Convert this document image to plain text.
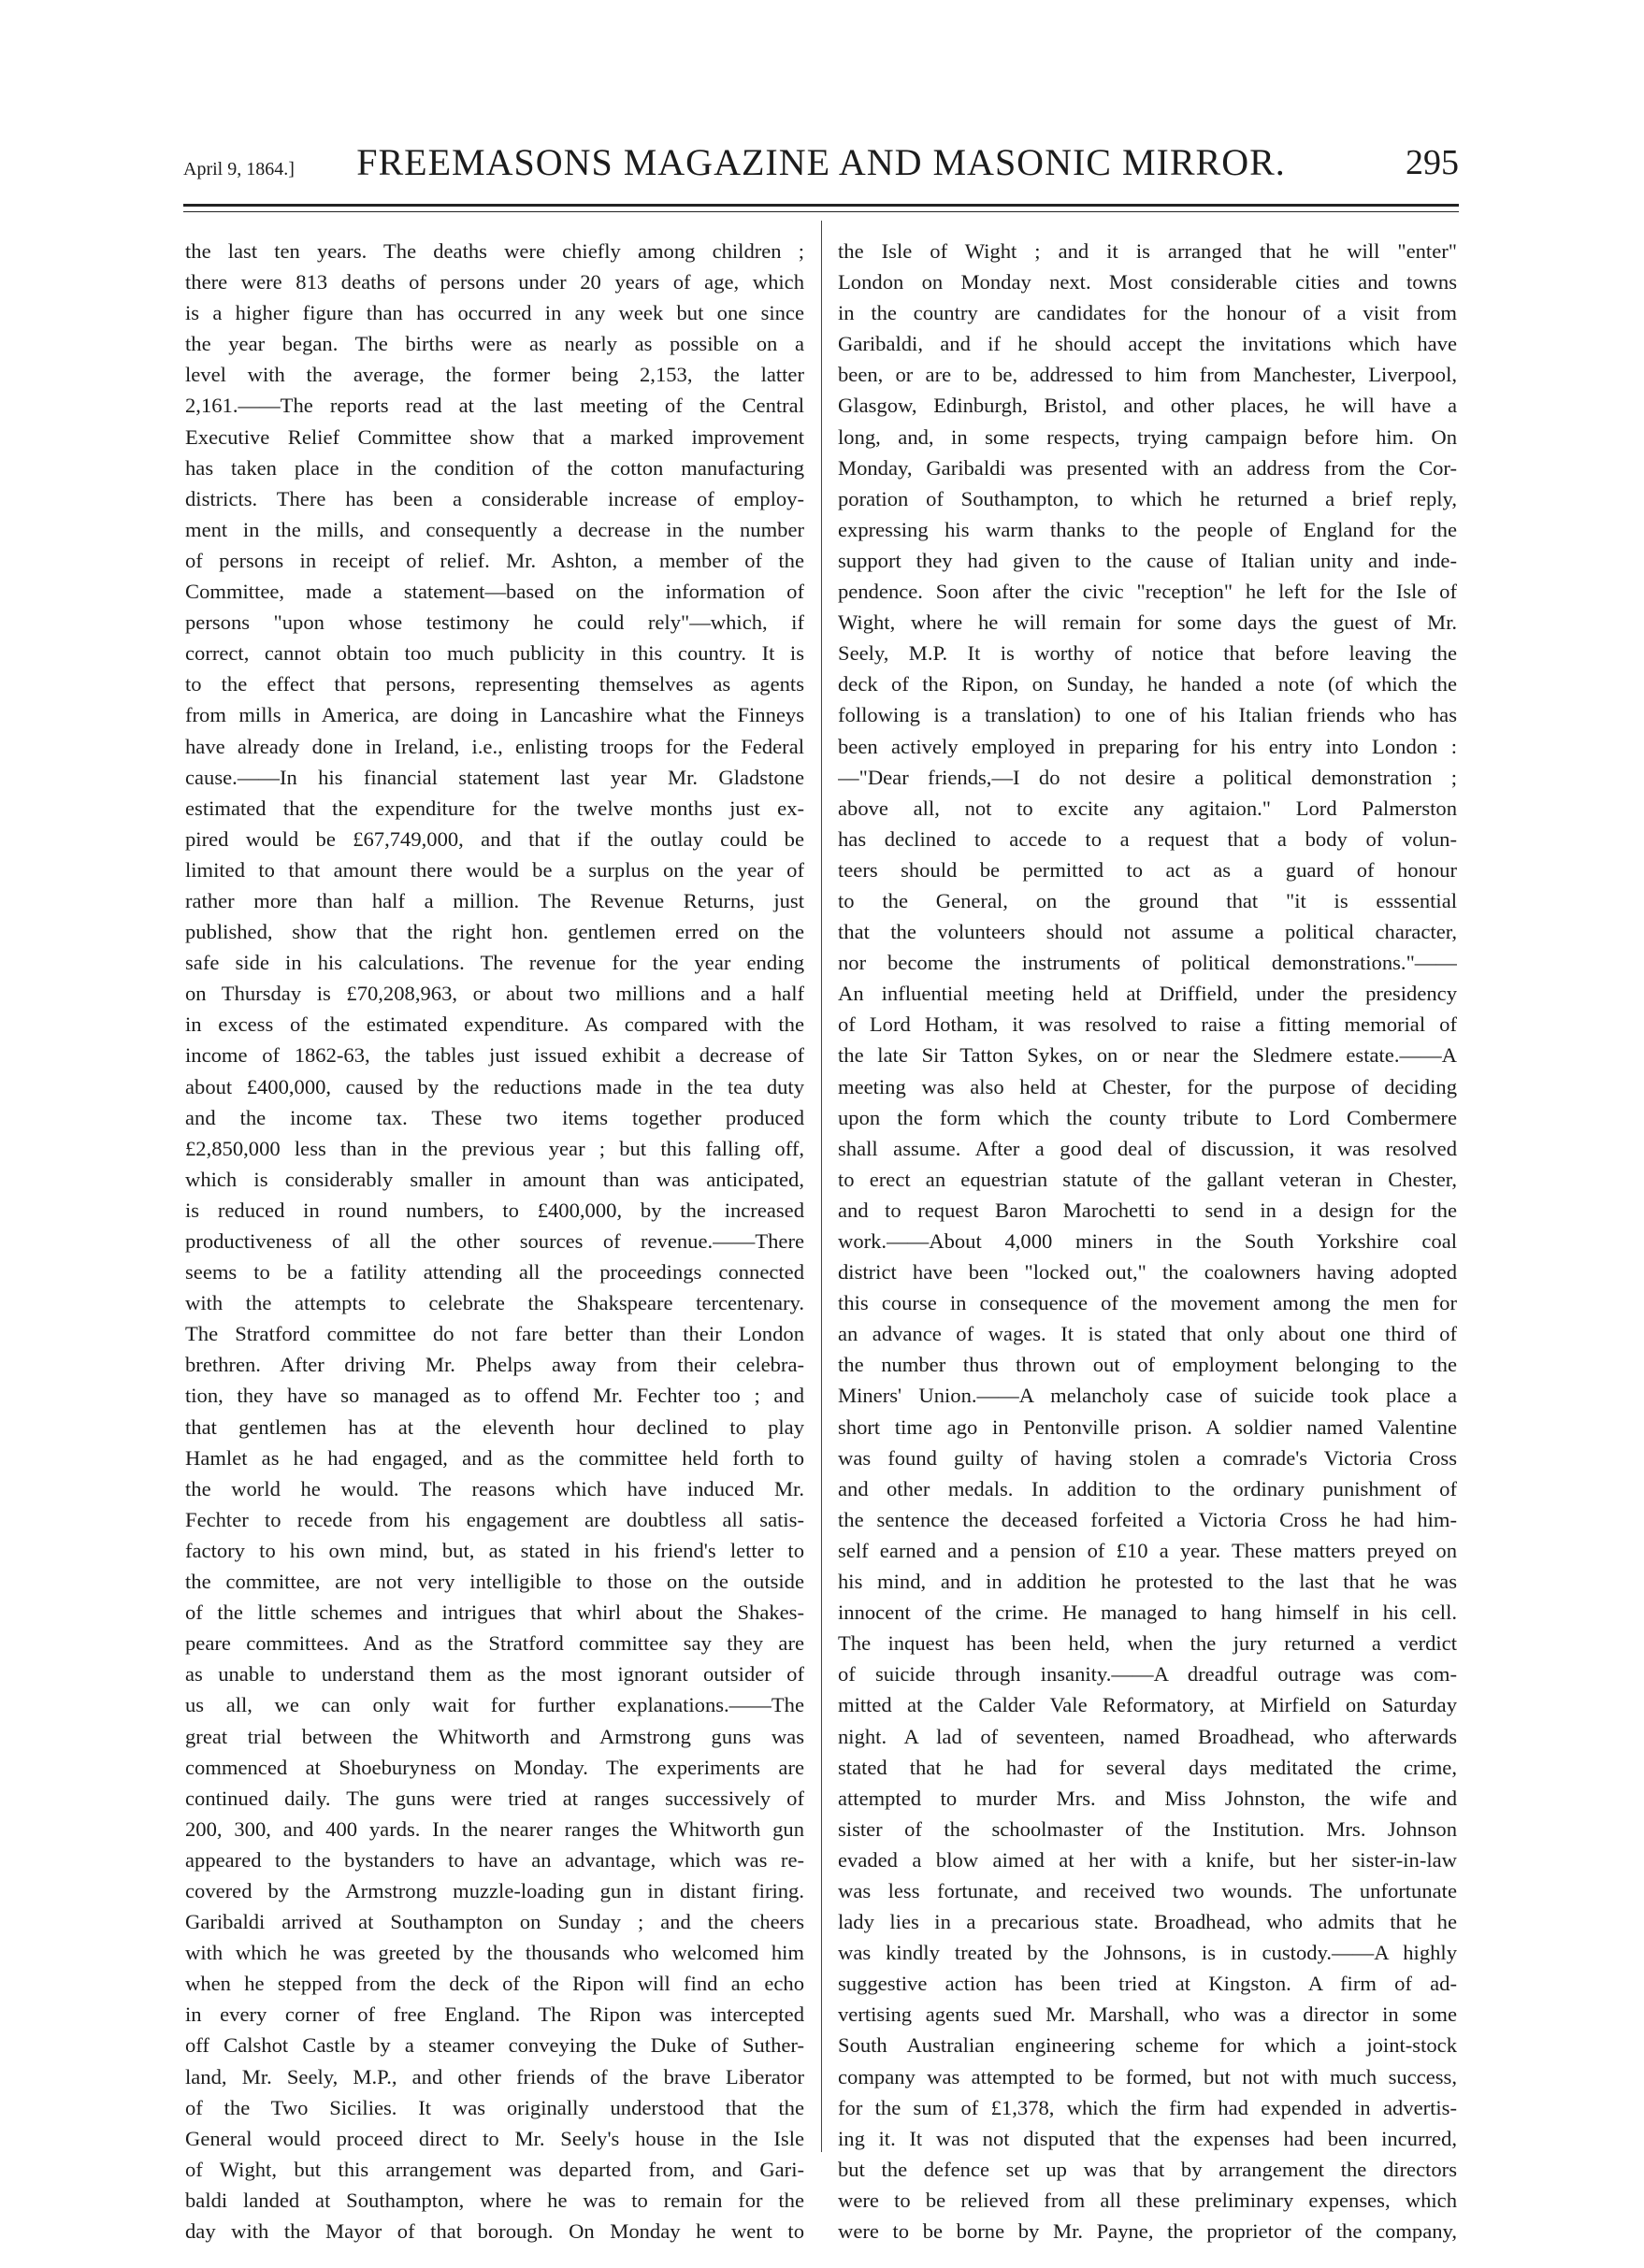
April 9, 1864.]	FREEMASONS MAGAZINE AND MASONIC MIRROR.	295
the last ten years. The deaths were chiefly among children ;
there were 813 deaths of persons under 20 years of age, which
is a higher figure than has occurred in any week but one since
the year began. The births were as nearly as possible on a
level with the average, the former being 2,153, the latter
2,161.——The reports read at the last meeting of the Central
Executive Relief Committee show that a marked improvement
has taken place in the condition of the cotton manufacturing
districts. There has been a considerable increase of employ-
ment in the mills, and consequently a decrease in the number
of persons in receipt of relief. Mr. Ashton, a member of the
Committee, made a statement—based on the information of
persons "upon whose testimony he could rely"—which, if
correct, cannot obtain too much publicity in this country. It is
to the effect that persons, representing themselves as agents
from mills in America, are doing in Lancashire what the Finneys
have already done in Ireland, i.e., enlisting troops for the Federal
cause.——In his financial statement last year Mr. Gladstone
estimated that the expenditure for the twelve months just ex-
pired would be £67,749,000, and that if the outlay could be
limited to that amount there would be a surplus on the year of
rather more than half a million. The Revenue Returns, just
published, show that the right hon. gentlemen erred on the
safe side in his calculations. The revenue for the year ending
on Thursday is £70,208,963, or about two millions and a half
in excess of the estimated expenditure. As compared with the
income of 1862-63, the tables just issued exhibit a decrease of
about £400,000, caused by the reductions made in the tea duty
and the income tax. These two items together produced
£2,850,000 less than in the previous year ; but this falling off,
which is considerably smaller in amount than was anticipated,
is reduced in round numbers, to £400,000, by the increased
productiveness of all the other sources of revenue.——There
seems to be a fatility attending all the proceedings connected
with the attempts to celebrate the Shakspeare tercentenary.
The Stratford committee do not fare better than their London
brethren. After driving Mr. Phelps away from their celebra-
tion, they have so managed as to offend Mr. Fechter too ; and
that gentlemen has at the eleventh hour declined to play
Hamlet as he had engaged, and as the committee held forth to
the world he would. The reasons which have induced Mr.
Fechter to recede from his engagement are doubtless all satis-
factory to his own mind, but, as stated in his friend's letter to
the committee, are not very intelligible to those on the outside
of the little schemes and intrigues that whirl about the Shakes-
peare committees. And as the Stratford committee say they are
as unable to understand them as the most ignorant outsider of
us all, we can only wait for further explanations.——The
great trial between the Whitworth and Armstrong guns was
commenced at Shoeburyness on Monday. The experiments are
continued daily. The guns were tried at ranges successively of
200, 300, and 400 yards. In the nearer ranges the Whitworth gun
appeared to the bystanders to have an advantage, which was re-
covered by the Armstrong muzzle-loading gun in distant firing.
Garibaldi arrived at Southampton on Sunday ; and the cheers
with which he was greeted by the thousands who welcomed him
when he stepped from the deck of the Ripon will find an echo
in every corner of free England. The Ripon was intercepted
off Calshot Castle by a steamer conveying the Duke of Suther-
land, Mr. Seely, M.P., and other friends of the brave Liberator
of the Two Sicilies. It was originally understood that the
General would proceed direct to Mr. Seely's house in the Isle
of Wight, but this arrangement was departed from, and Gari-
baldi landed at Southampton, where he was to remain for the
day with the Mayor of that borough. On Monday he went to
the Isle of Wight ; and it is arranged that he will "enter"
London on Monday next. Most considerable cities and towns
in the country are candidates for the honour of a visit from
Garibaldi, and if he should accept the invitations which have
been, or are to be, addressed to him from Manchester, Liverpool,
Glasgow, Edinburgh, Bristol, and other places, he will have a
long, and, in some respects, trying campaign before him. On
Monday, Garibaldi was presented with an address from the Cor-
poration of Southampton, to which he returned a brief reply,
expressing his warm thanks to the people of England for the
support they had given to the cause of Italian unity and inde-
pendence. Soon after the civic "reception" he left for the Isle of
Wight, where he will remain for some days the guest of Mr.
Seely, M.P. It is worthy of notice that before leaving the
deck of the Ripon, on Sunday, he handed a note (of which the
following is a translation) to one of his Italian friends who has
been actively employed in preparing for his entry into London :
—"Dear friends,—I do not desire a political demonstration ;
above all, not to excite any agitaion." Lord Palmerston
has declined to accede to a request that a body of volun-
teers should be permitted to act as a guard of honour
to the General, on the ground that "it is esssential
that the volunteers should not assume a political character,
nor become the instruments of political demonstrations."——
An influential meeting held at Driffield, under the presidency
of Lord Hotham, it was resolved to raise a fitting memorial of
the late Sir Tatton Sykes, on or near the Sledmere estate.——A
meeting was also held at Chester, for the purpose of deciding
upon the form which the county tribute to Lord Combermere
shall assume. After a good deal of discussion, it was resolved
to erect an equestrian statute of the gallant veteran in Chester,
and to request Baron Marochetti to send in a design for the
work.——About 4,000 miners in the South Yorkshire coal
district have been "locked out," the coalowners having adopted
this course in consequence of the movement among the men for
an advance of wages. It is stated that only about one third of
the number thus thrown out of employment belonging to the
Miners' Union.——A melancholy case of suicide took place a
short time ago in Pentonville prison. A soldier named Valentine
was found guilty of having stolen a comrade's Victoria Cross
and other medals. In addition to the ordinary punishment of
the sentence the deceased forfeited a Victoria Cross he had him-
self earned and a pension of £10 a year. These matters preyed on
his mind, and in addition he protested to the last that he was
innocent of the crime. He managed to hang himself in his cell.
The inquest has been held, when the jury returned a verdict
of suicide through insanity.——A dreadful outrage was com-
mitted at the Calder Vale Reformatory, at Mirfield on Saturday
night. A lad of seventeen, named Broadhead, who afterwards
stated that he had for several days meditated the crime,
attempted to murder Mrs. and Miss Johnston, the wife and
sister of the schoolmaster of the Institution. Mrs. Johnson
evaded a blow aimed at her with a knife, but her sister-in-law
was less fortunate, and received two wounds. The unfortunate
lady lies in a precarious state. Broadhead, who admits that he
was kindly treated by the Johnsons, is in custody.——A highly
suggestive action has been tried at Kingston. A firm of ad-
vertising agents sued Mr. Marshall, who was a director in some
South Australian engineering scheme for which a joint-stock
company was attempted to be formed, but not with much success,
for the sum of £1,378, which the firm had expended in advertis-
ing it. It was not disputed that the expenses had been incurred,
but the defence set up was that by arrangement the directors
were to be relieved from all these preliminary expenses, which
were to be borne by Mr. Payne, the proprietor of the company,
